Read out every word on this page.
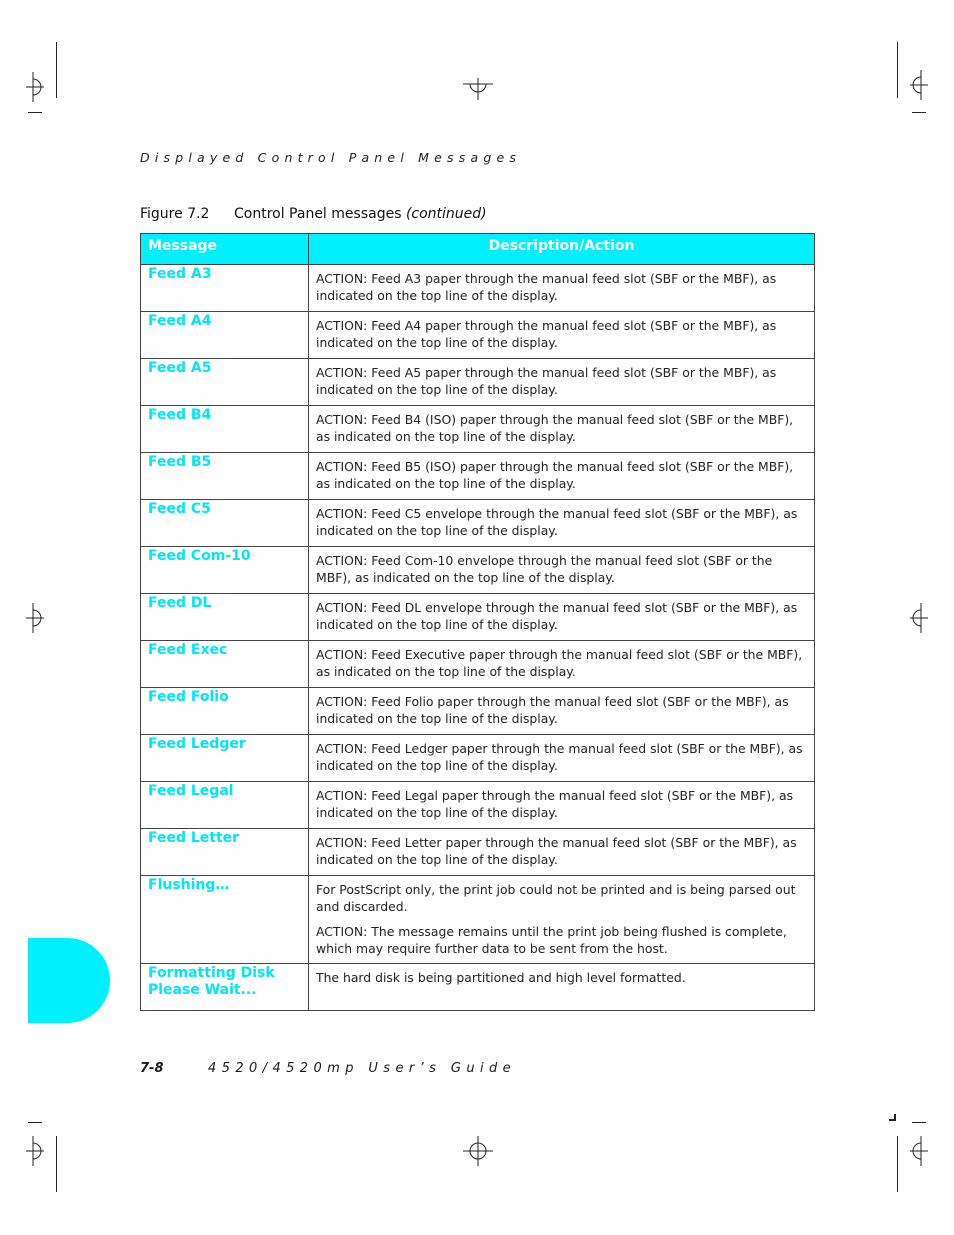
Displayed Control Panel Messages
Figure 7.2 Control Panel messages (continued)
Message	Description/Action

Feed A3	ACTION: Feed A3 paper through the manual feed slot (SBF or the MBF), as indicated on the top line of the display.

Feed A4	ACTION: Feed A4 paper through the manual feed slot (SBF or the MBF), as indicated on the top line of the display.

Feed A5	ACTION: Feed A5 paper through the manual feed slot (SBF or the MBF), as indicated on the top line of the display.

Feed B4	ACTION: Feed B4 (ISO) paper through the manual feed slot (SBF or the MBF), as indicated on the top line of the display.

Feed B5	ACTION: Feed B5 (ISO) paper through the manual feed slot (SBF or the MBF), as indicated on the top line of the display.

Feed C5	ACTION: Feed C5 envelope through the manual feed slot (SBF or the MBF), as indicated on the top line of the display.

Feed Com-10	ACTION: Feed Com-10 envelope through the manual feed slot (SBF or the MBF), as indicated on the top line of the display.

Feed DL	ACTION: Feed DL envelope through the manual feed slot (SBF or the MBF), as indicated on the top line of the display.

Feed Exec	ACTION: Feed Executive paper through the manual feed slot (SBF or the MBF), as indicated on the top line of the display.

Feed Folio	ACTION: Feed Folio paper through the manual feed slot (SBF or the MBF), as indicated on the top line of the display.

Feed Ledger	ACTION: Feed Ledger paper through the manual feed slot (SBF or the MBF), as indicated on the top line of the display.

Feed Legal	ACTION: Feed Legal paper through the manual feed slot (SBF or the MBF), as indicated on the top line of the display.

Feed Letter	ACTION: Feed Letter paper through the manual feed slot (SBF or the MBF), as indicated on the top line of the display.

Flushing…	For PostScript only, the print job could not be printed and is being parsed out and discarded.
ACTION: The message remains until the print job being flushed is complete, which may require further data to be sent from the host.

Formatting Disk
Please Wait...	The hard disk is being partitioned and high level formatted.
7-8	4520/4520mp User’s Guide
